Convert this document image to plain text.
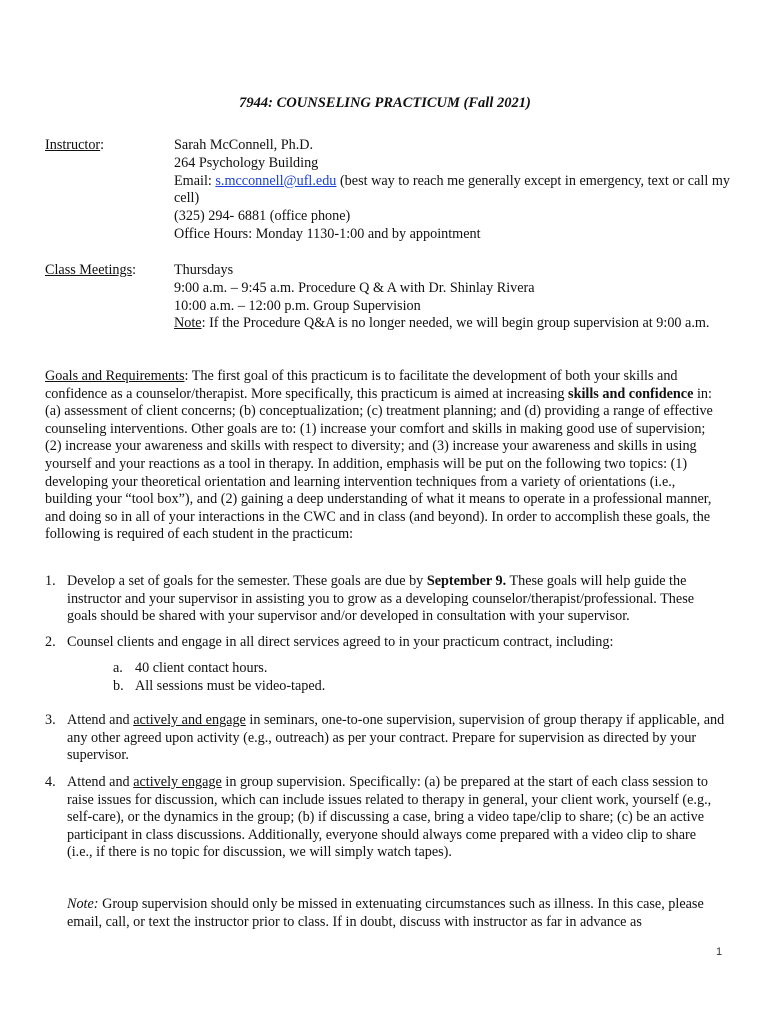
7944: COUNSELING PRACTICUM (Fall 2021)
Instructor:	Sarah McConnell, Ph.D.
264 Psychology Building
Email: s.mcconnell@ufl.edu (best way to reach me generally except in emergency, text or call my cell)
(325) 294- 6881 (office phone)
Office Hours: Monday 1130-1:00 and by appointment
Class Meetings:	Thursdays
9:00 a.m. – 9:45 a.m. Procedure Q & A with Dr. Shinlay Rivera
10:00 a.m. – 12:00 p.m. Group Supervision
Note: If the Procedure Q&A is no longer needed, we will begin group supervision at 9:00 a.m.
Goals and Requirements: The first goal of this practicum is to facilitate the development of both your skills and confidence as a counselor/therapist. More specifically, this practicum is aimed at increasing skills and confidence in: (a) assessment of client concerns; (b) conceptualization; (c) treatment planning; and (d) providing a range of effective counseling interventions. Other goals are to: (1) increase your comfort and skills in making good use of supervision; (2) increase your awareness and skills with respect to diversity; and (3) increase your awareness and skills in using yourself and your reactions as a tool in therapy. In addition, emphasis will be put on the following two topics: (1) developing your theoretical orientation and learning intervention techniques from a variety of orientations (i.e., building your “tool box”), and (2) gaining a deep understanding of what it means to operate in a professional manner, and doing so in all of your interactions in the CWC and in class (and beyond). In order to accomplish these goals, the following is required of each student in the practicum:
1. Develop a set of goals for the semester. These goals are due by September 9. These goals will help guide the instructor and your supervisor in assisting you to grow as a developing counselor/therapist/professional. These goals should be shared with your supervisor and/or developed in consultation with your supervisor.
2. Counsel clients and engage in all direct services agreed to in your practicum contract, including:
a. 40 client contact hours.
b. All sessions must be video-taped.
3. Attend and actively and engage in seminars, one-to-one supervision, supervision of group therapy if applicable, and any other agreed upon activity (e.g., outreach) as per your contract. Prepare for supervision as directed by your supervisor.
4. Attend and actively engage in group supervision. Specifically: (a) be prepared at the start of each class session to raise issues for discussion, which can include issues related to therapy in general, your client work, yourself (e.g., self-care), or the dynamics in the group; (b) if discussing a case, bring a video tape/clip to share; (c) be an active participant in class discussions. Additionally, everyone should always come prepared with a video clip to share (i.e., if there is no topic for discussion, we will simply watch tapes).
Note: Group supervision should only be missed in extenuating circumstances such as illness. In this case, please email, call, or text the instructor prior to class. If in doubt, discuss with instructor as far in advance as
1
